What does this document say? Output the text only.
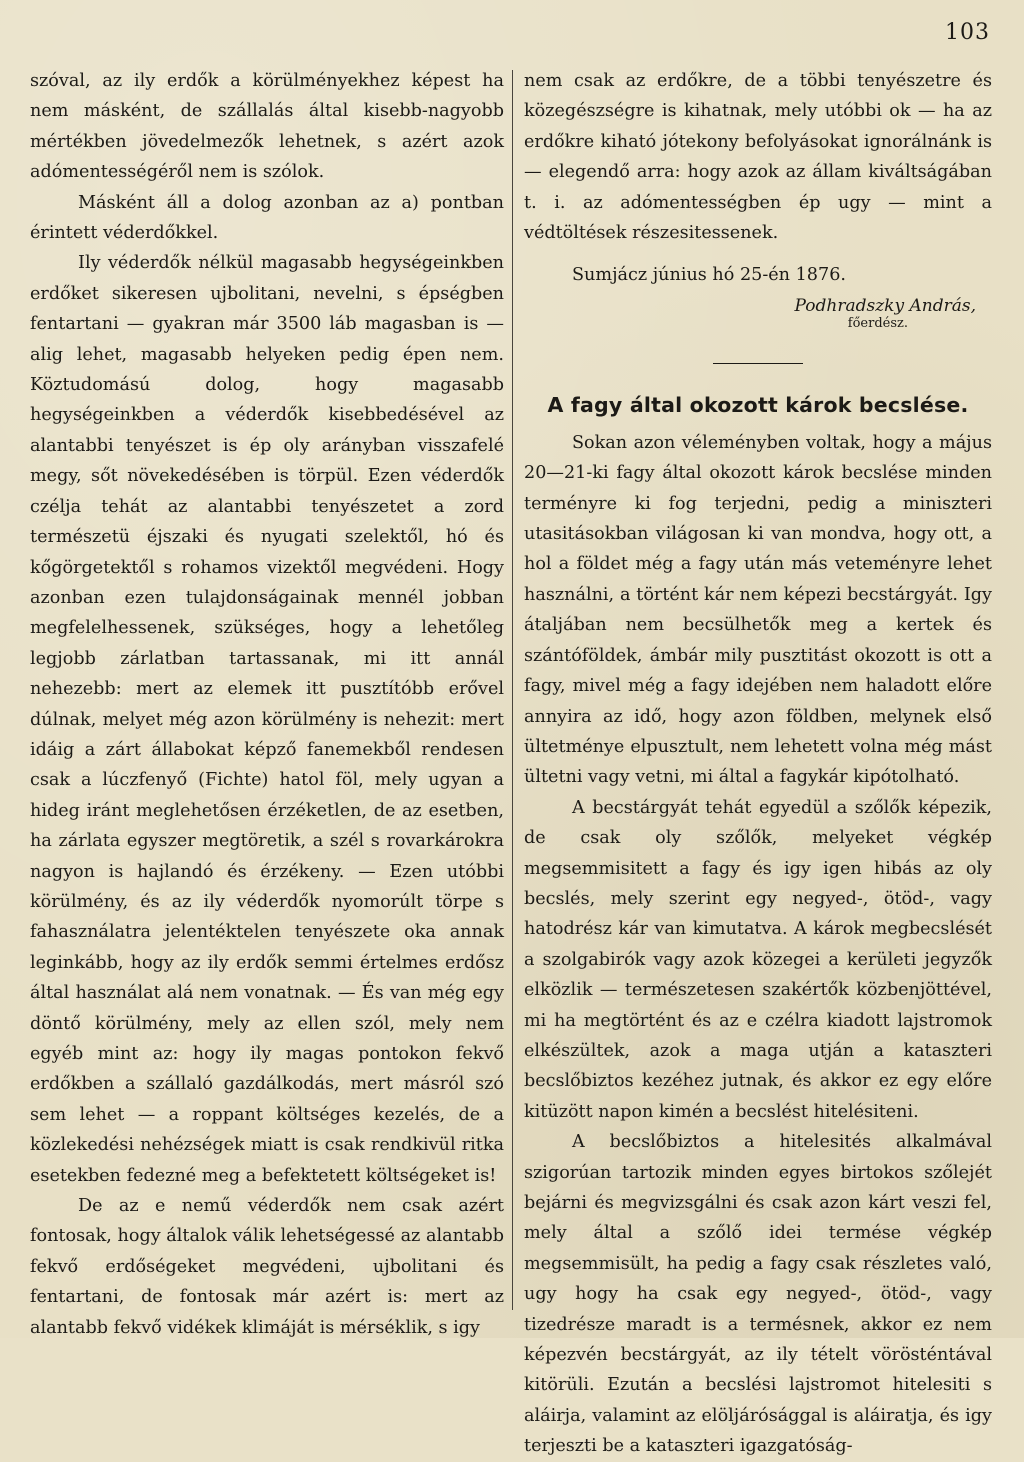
103

szóval, az ily erdők a körülményekhez képest ha nem másként, de szállalás által kisebb-nagyobb mértékben jövedelmezők lehetnek, s azért azok adómentességéről nem is szólok.

Másként áll a dolog azonban az a) pontban érintett véderdőkkel.

Ily véderdők nélkül magasabb hegységeinkben erdőket sikeresen ujbolitani, nevelni, s épségben fentartani — gyakran már 3500 láb magasban is — alig lehet, magasabb helyeken pedig épen nem. Köztudomású dolog, hogy magasabb hegységeinkben a véderdők kisebbedésével az alantabbi tenyészet is ép oly arányban visszafelé megy, sőt növekedésében is törpül. Ezen véderdők czélja tehát az alantabbi tenyészetet a zord természetü éjszaki és nyugati szelektől, hó és kőgörgetektől s rohamos vizektől megvédeni. Hogy azonban ezen tulajdonságainak mennél jobban megfelelhessenek, szükséges, hogy a lehetőleg legjobb zárlatban tartassanak, mi itt annál nehezebb: mert az elemek itt pusztítóbb erővel dúlnak, melyet még azon körülmény is nehezit: mert idáig a zárt állabokat képző fanemekből rendesen csak a lúczfenyő (Fichte) hatol föl, mely ugyan a hideg iránt meglehetősen érzéketlen, de az esetben, ha zárlata egyszer megtöretik, a szél s rovarkárokra nagyon is hajlandó és érzékeny. — Ezen utóbbi körülmény, és az ily véderdők nyomorúlt törpe s fahasználatra jelentéktelen tenyészete oka annak leginkább, hogy az ily erdők semmi értelmes erdősz által használat alá nem vonatnak. — És van még egy döntő körülmény, mely az ellen szól, mely nem egyéb mint az: hogy ily magas pontokon fekvő erdőkben a szállaló gazdálkodás, mert másról szó sem lehet — a roppant költséges kezelés, de a közlekedési nehézségek miatt is csak rendkivül ritka esetekben fedezné meg a befektetett költségeket is!

De az e nemű véderdők nem csak azért fontosak, hogy általok válik lehetségessé az alantabb fekvő erdőségeket megvédeni, ujbolitani és fentartani, de fontosak már azért is: mert az alantabb fekvő vidékek klimáját is mérséklik, s igy

nem csak az erdőkre, de a többi tenyészetre és közegészségre is kihatnak, mely utóbbi ok — ha az erdőkre kiható jótekony befolyásokat ignorálnánk is — elegendő arra: hogy azok az állam kiváltságában t. i. az adómentességben ép ugy — mint a védtöltések részesitessenek.

Sumjácz június hó 25-én 1876.

Podhradszky András,

főerdész.

A fagy által okozott károk becslése.

Sokan azon véleményben voltak, hogy a május 20—21-ki fagy által okozott károk becslése minden terményre ki fog terjedni, pedig a miniszteri utasitásokban világosan ki van mondva, hogy ott, a hol a földet még a fagy után más veteményre lehet használni, a történt kár nem képezi becstárgyát. Igy átaljában nem becsülhetők meg a kertek és szántóföldek, ámbár mily pusztitást okozott is ott a fagy, mivel még a fagy idejében nem haladott előre annyira az idő, hogy azon földben, melynek első ültetménye elpusztult, nem lehetett volna még mást ültetni vagy vetni, mi által a fagykár kipótolható.

A becstárgyát tehát egyedül a szőlők képezik, de csak oly szőlők, melyeket végkép megsemmisitett a fagy és igy igen hibás az oly becslés, mely szerint egy negyed-, ötöd-, vagy hatodrész kár van kimutatva. A károk megbecslését a szolgabirók vagy azok közegei a kerületi jegyzők elközlik — természetesen szakértők közbenjöttével, mi ha megtörtént és az e czélra kiadott lajstromok elkészültek, azok a maga utján a kataszteri becslőbiztos kezéhez jutnak, és akkor ez egy előre kitüzött napon kimén a becslést hitelésiteni.

A becslőbiztos a hitelesités alkalmával szigorúan tartozik minden egyes birtokos szőlejét bejárni és megvizsgálni és csak azon kárt veszi fel, mely által a szőlő idei termése végkép megsemmisült, ha pedig a fagy csak részletes való, ugy hogy ha csak egy negyed-, ötöd-, vagy tizedrésze maradt is a termésnek, akkor ez nem képezvén becstárgyát, az ily tételt vörösténtával kitörüli. Ezután a becslési lajstromot hitelesiti s aláirja, valamint az elöljárósággal is aláiratja, és igy terjeszti be a kataszteri igazgatóság-
